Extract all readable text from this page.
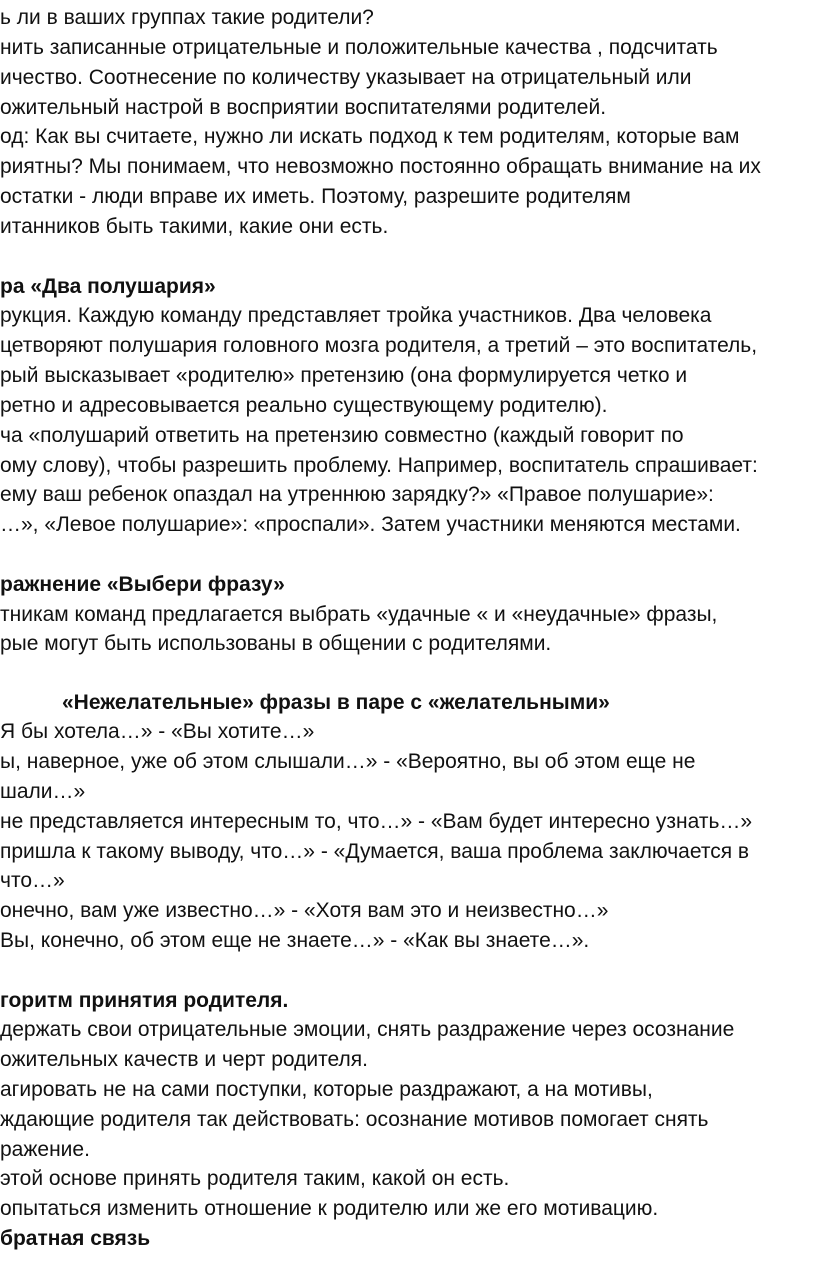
ь ли в ваших группах такие родители?
нить записанные отрицательные и положительные качества , подсчитать
ичество. Соотнесение по количеству указывает на отрицательный или
ожительный настрой в восприятии воспитателями родителей.
од: Как вы считаете, нужно ли искать подход к тем родителям, которые вам
риятны? Мы понимаем, что невозможно постоянно обращать внимание на их
остатки - люди вправе их иметь. Поэтому, разрешите родителям
итанников быть такими, какие они есть.
ра «Два полушария»
рукция. Каждую команду представляет тройка участников. Два человека
цетворяют полушария головного мозга родителя, а третий – это воспитатель,
рый высказывает «родителю» претензию (она формулируется четко и
ретно и адресовывается реально существующему родителю).
ча «полушарий ответить на претензию совместно (каждый говорит по
ому слову), чтобы разрешить проблему. Например, воспитатель спрашивает:
ему ваш ребенок опаздал на утреннюю зарядку?» «Правое полушарие»:
…», «Левое полушарие»: «проспали». Затем участники меняются местами.
ражнение «Выбери фразу»
тникам команд предлагается выбрать «удачные « и «неудачные» фразы,
рые могут быть использованы в общении с родителями.
«Нежелательные» фразы в паре с «желательными»
Я бы хотела…» - «Вы хотите…»
ы, наверное, уже об этом слышали…» - «Вероятно, вы об этом еще не
шали…»
не представляется интересным то, что…» - «Вам будет интересно узнать…»
пришла к такому выводу, что…» - «Думается, ваша проблема заключается в
что…»
онечно, вам уже известно…» - «Хотя вам это и неизвестно…»
Вы, конечно, об этом еще не знаете…» - «Как вы знаете…».
горитм принятия родителя.
держать свои отрицательные эмоции, снять раздражение через осознание
ожительных качеств и черт родителя.
агировать не на сами поступки, которые раздражают, а на мотивы,
ждающие родителя так действовать: осознание мотивов помогает снять
ражение.
этой основе принять родителя таким, какой он есть.
опытаться изменить отношение к родителю или же его мотивацию.
братная связь
